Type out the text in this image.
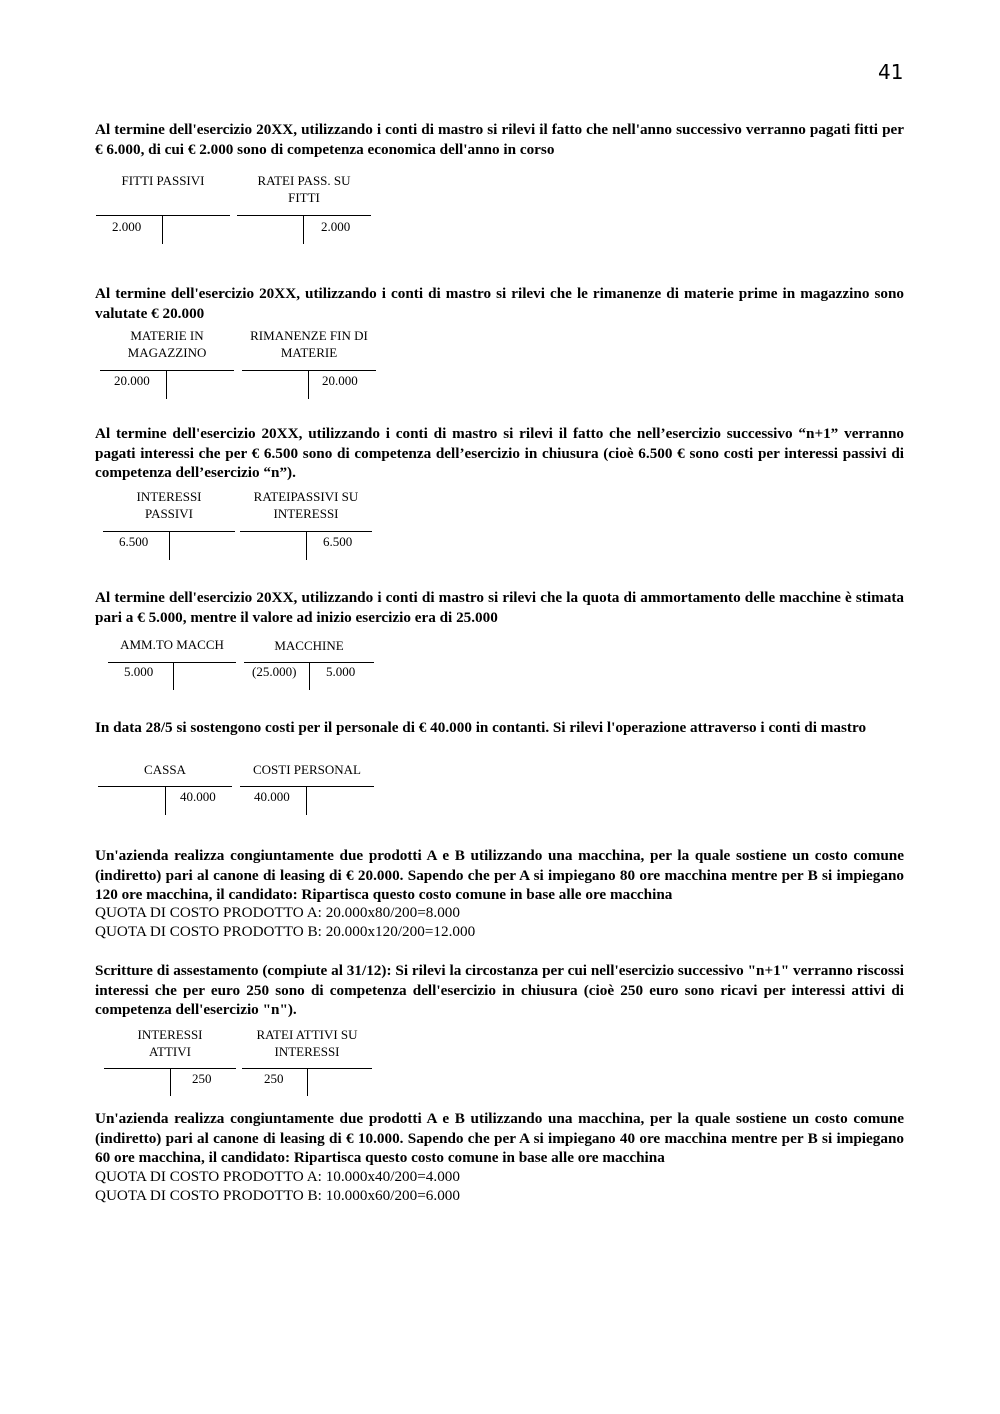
41

Al termine dell'esercizio 20XX, utilizzando i conti di mastro si rilevi il fatto che nell'anno successivo verranno pagati fitti per € 6.000, di cui € 2.000 sono di competenza economica dell'anno in corso

FITTI PASSIVI
2.000
RATEI PASS. SU FITTI
2.000

Al termine dell'esercizio 20XX, utilizzando i conti di mastro si rilevi che le rimanenze di materie prime in magazzino sono valutate € 20.000

MATERIE IN MAGAZZINO
20.000
RIMANENZE FIN DI MATERIE
20.000

Al termine dell'esercizio 20XX, utilizzando i conti di mastro si rilevi il fatto che nell’esercizio successivo “n+1” verranno pagati interessi che per € 6.500 sono di competenza dell’esercizio in chiusura (cioè 6.500 € sono costi per interessi passivi di competenza dell’esercizio “n”).

INTERESSI PASSIVI
6.500
RATEIPASSIVI SU INTERESSI
6.500

Al termine dell'esercizio 20XX, utilizzando i conti di mastro si rilevi che la quota di ammortamento delle macchine è stimata pari a € 5.000, mentre il valore ad inizio esercizio era di 25.000

AMM.TO MACCH
5.000
MACCHINE
(25.000) 5.000

In data 28/5 si sostengono costi per il personale di € 40.000 in contanti. Si rilevi l'operazione attraverso i conti di mastro

CASSA
40.000
COSTI PERSONAL
40.000

Un'azienda realizza congiuntamente due prodotti A e B utilizzando una macchina, per la quale sostiene un costo comune (indiretto) pari al canone di leasing di € 20.000. Sapendo che per A si impiegano 80 ore macchina mentre per B si impiegano 120 ore macchina, il candidato: Ripartisca questo costo comune in base alle ore macchina

QUOTA DI COSTO PRODOTTO A: 20.000x80/200=8.000

QUOTA DI COSTO PRODOTTO B: 20.000x120/200=12.000

Scritture di assestamento (compiute al 31/12): Si rilevi la circostanza per cui nell'esercizio successivo "n+1" verranno riscossi interessi che per euro 250 sono di competenza dell'esercizio in chiusura (cioè 250 euro sono ricavi per interessi attivi di competenza dell'esercizio "n").

INTERESSI ATTIVI
250
RATEI ATTIVI SU INTERESSI
250

Un'azienda realizza congiuntamente due prodotti A e B utilizzando una macchina, per la quale sostiene un costo comune (indiretto) pari al canone di leasing di € 10.000. Sapendo che per A si impiegano 40 ore macchina mentre per B si impiegano 60 ore macchina, il candidato: Ripartisca questo costo comune in base alle ore macchina

QUOTA DI COSTO PRODOTTO A: 10.000x40/200=4.000

QUOTA DI COSTO PRODOTTO B: 10.000x60/200=6.000
